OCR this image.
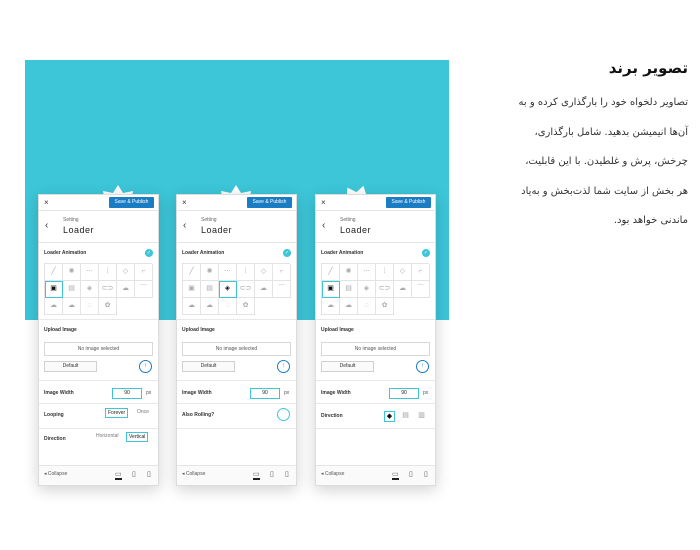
تصویر برند
تصاویر دلخواه خود را بارگذاری کرده و به
آن‌ها انیمیشن بدهید. شامل بارگذاری،
چرخش، پرش و غلطیدن. با این قابلیت،
هر بخش از سایت شما لذت‌بخش و به‌یاد
ماندنی خواهد بود.
×	Save & Publish
‹	Setting
Loader
Loader Animation	✓
╱	✺	⋯	⁞	◇	⌐
▣	▤	◈	⊂⊃	☁	⌒
☁	☁	◌	✿
Upload Image
No image selected
Default	↑
Image Width	90	px
Looping	Forever	Once
Direction	Horizontal	Vertical
◂ Collapse	▭ ▯ ▯
×	Save & Publish
‹	Setting
Loader
Loader Animation	✓
╱	✺	⋯	⁞	◇	⌐
▣	▤	◈	⊂⊃	☁	⌒
☁	☁	◌	✿
Upload Image
No image selected
Default	↑
Image Width	90	px
Also Rolling?
◂ Collapse	▭ ▯ ▯
×	Save & Publish
‹	Setting
Loader
Loader Animation	✓
╱	✺	⋯	⁞	◇	⌐
▣	▤	◈	⊂⊃	☁	⌒
☁	☁	◌	✿
Upload Image
No image selected
Default	↑
Image Width	90	px
Direction	◆	▤	▥
◂ Collapse	▭ ▯ ▯
